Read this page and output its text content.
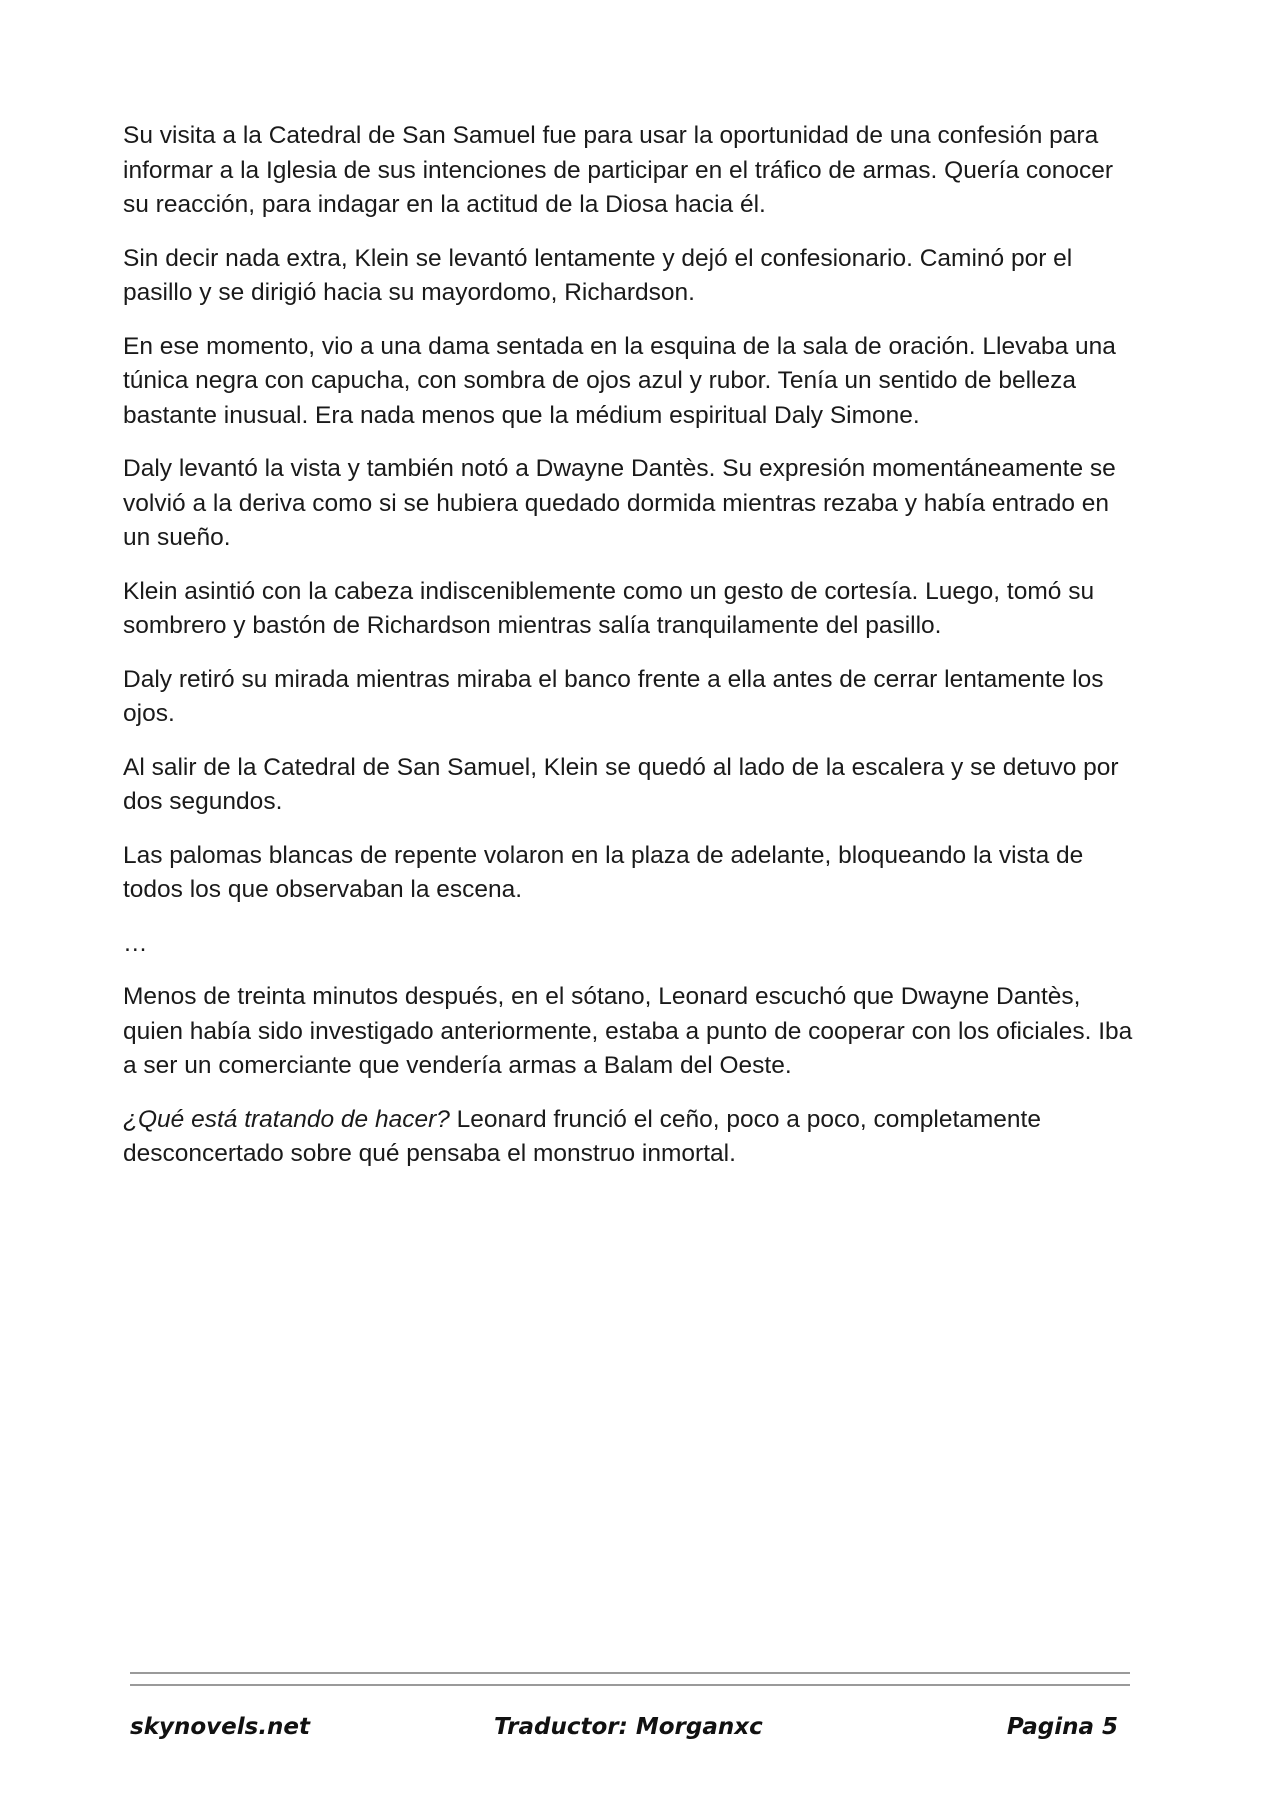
Su visita a la Catedral de San Samuel fue para usar la oportunidad de una confesión para informar a la Iglesia de sus intenciones de participar en el tráfico de armas. Quería conocer su reacción, para indagar en la actitud de la Diosa hacia él.

Sin decir nada extra, Klein se levantó lentamente y dejó el confesionario. Caminó por el pasillo y se dirigió hacia su mayordomo, Richardson.

En ese momento, vio a una dama sentada en la esquina de la sala de oración. Llevaba una túnica negra con capucha, con sombra de ojos azul y rubor. Tenía un sentido de belleza bastante inusual. Era nada menos que la médium espiritual Daly Simone.

Daly levantó la vista y también notó a Dwayne Dantès. Su expresión momentáneamente se volvió a la deriva como si se hubiera quedado dormida mientras rezaba y había entrado en un sueño.

Klein asintió con la cabeza indisceniblemente como un gesto de cortesía. Luego, tomó su sombrero y bastón de Richardson mientras salía tranquilamente del pasillo.

Daly retiró su mirada mientras miraba el banco frente a ella antes de cerrar lentamente los ojos.

Al salir de la Catedral de San Samuel, Klein se quedó al lado de la escalera y se detuvo por dos segundos.

Las palomas blancas de repente volaron en la plaza de adelante, bloqueando la vista de todos los que observaban la escena.

…

Menos de treinta minutos después, en el sótano, Leonard escuchó que Dwayne Dantès, quien había sido investigado anteriormente, estaba a punto de cooperar con los oficiales. Iba a ser un comerciante que vendería armas a Balam del Oeste.

¿Qué está tratando de hacer? Leonard frunció el ceño, poco a poco, completamente desconcertado sobre qué pensaba el monstruo inmortal.

skynovels.net	Traductor: Morganxc	Pagina 5
